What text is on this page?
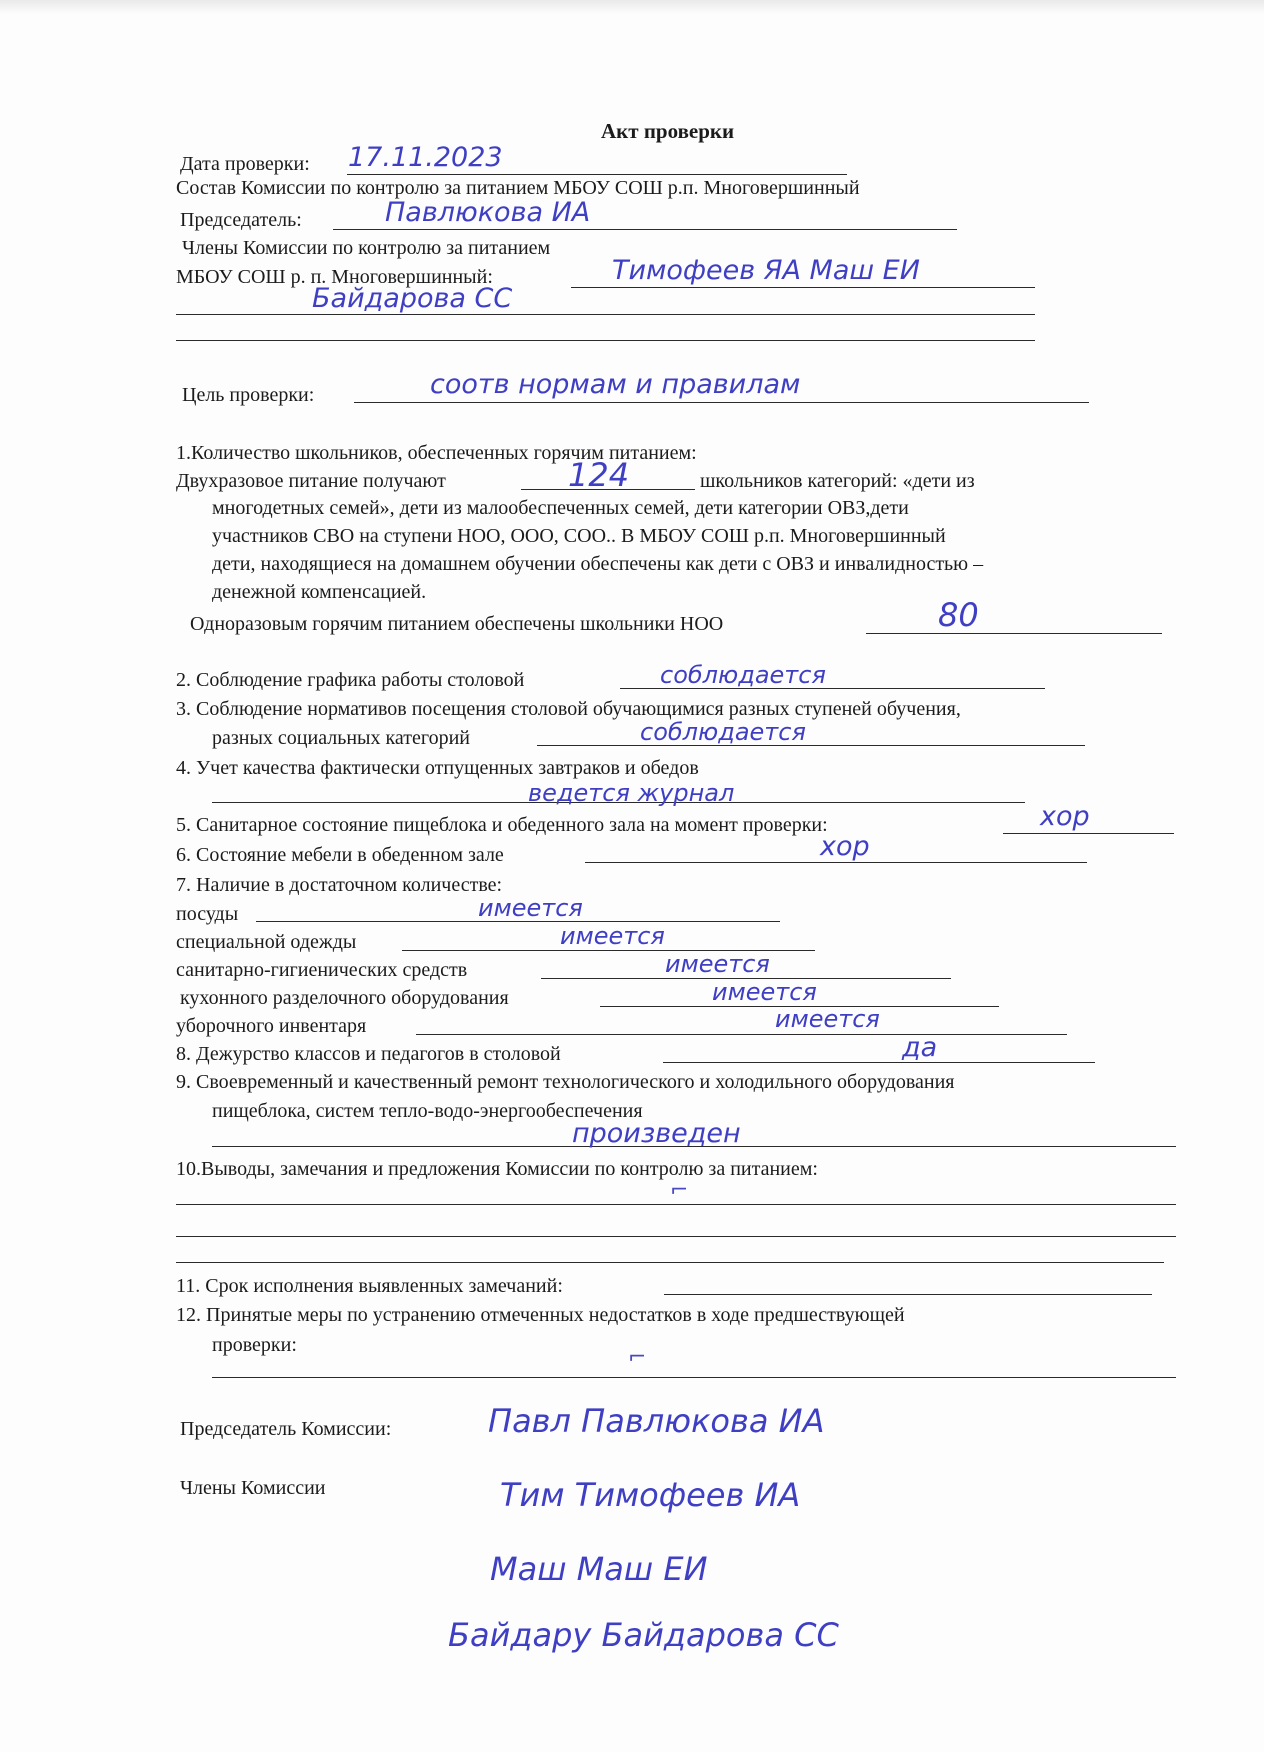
Акт проверки
Дата проверки: 17.11.2023
Состав Комиссии по контролю за питанием МБОУ СОШ р.п. Многовершинный
Председатель:	Павлюкова ИА
Члены Комиссии по контролю за питанием
МБОУ СОШ р. п. Многовершинный:	Тимофеев ЯА Маш ЕИ
Байдарова СС
Цель проверки:	соотв нормам и правилам
1.Количество школьников, обеспеченных горячим питанием:
Двухразовое питание получают	124	школьников категорий: «дети из
многодетных семей», дети из малообеспеченных семей, дети категории ОВЗ,дети
участников СВО на ступени НОО, ООО, СОО.. В МБОУ СОШ р.п. Многовершинный
дети, находящиеся на домашнем обучении обеспечены как дети с ОВЗ и инвалидностью –
денежной компенсацией.
Одноразовым горячим питанием обеспечены школьники НОО	80
2. Соблюдение графика работы столовой	соблюдается
3. Соблюдение нормативов посещения столовой обучающимися разных ступеней обучения,
разных социальных категорий	соблюдается
4. Учет качества фактически отпущенных завтраков и обедов
ведется журнал
5. Санитарное состояние пищеблока и обеденного зала на момент проверки:	хор
6. Состояние мебели в обеденном зале	хор
7. Наличие в достаточном количестве:
посуды	имеется
специальной одежды	имеется
санитарно-гигиенических средств	имеется
кухонного разделочного оборудования	имеется
уборочного инвентаря	имеется
8. Дежурство классов и педагогов в столовой	да
9. Своевременный и качественный ремонт технологического и холодильного оборудования
пищеблока, систем тепло-водо-энергообеспечения
произведен
10.Выводы, замечания и предложения Комиссии по контролю за питанием:
⌐
11. Срок исполнения выявленных замечаний:
12. Принятые меры по устранению отмеченных недостатков в ходе предшествующей
проверки:	⌐
Председатель Комиссии:	Павл Павлюкова ИА
Члены Комиссии	Тим Тимофеев ИА
Маш Маш ЕИ
Байдару Байдарова СС
